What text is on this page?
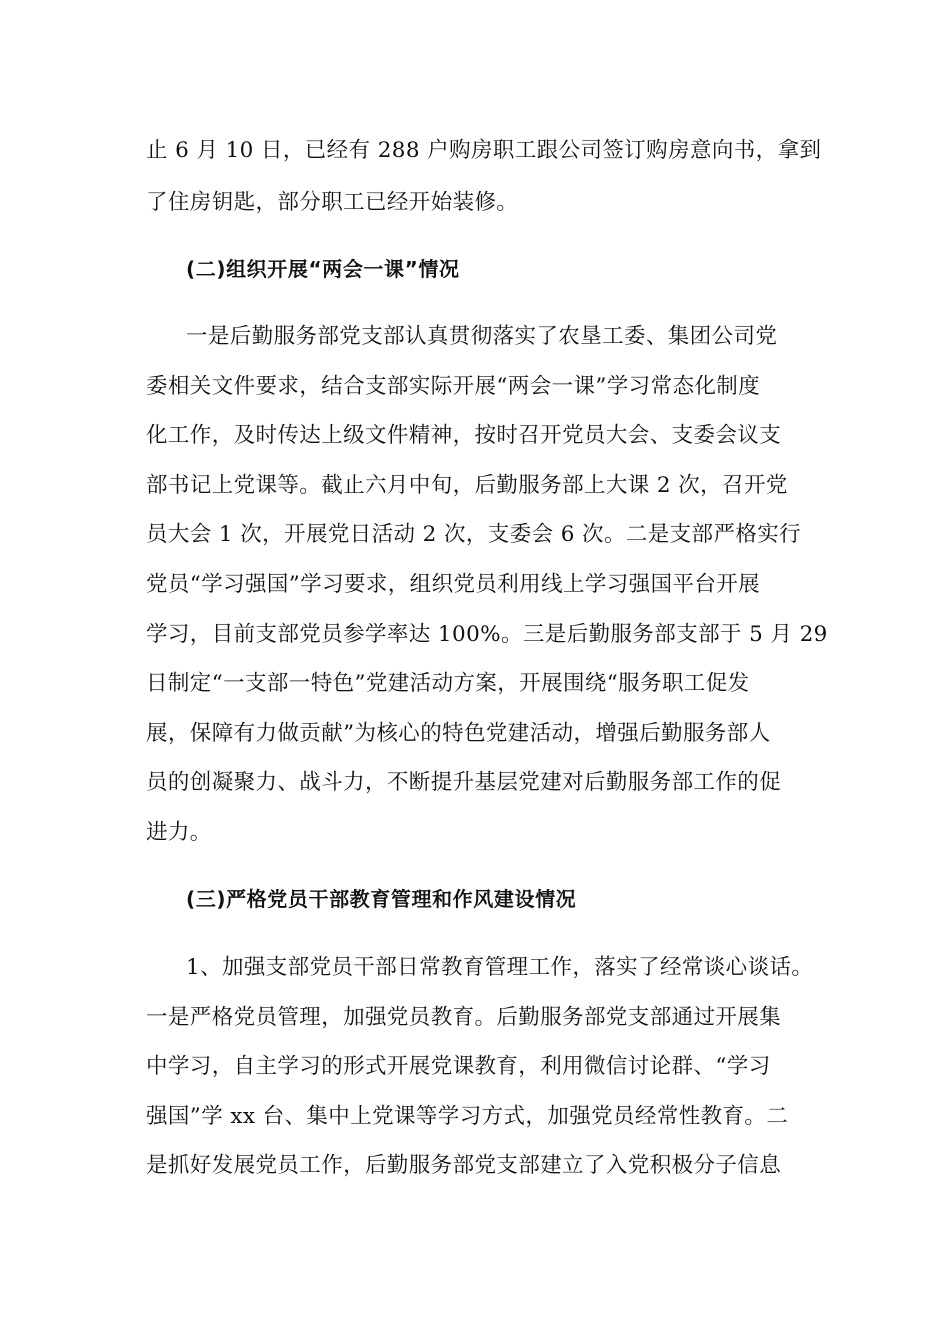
止 6 月 10 日，已经有 288 户购房职工跟公司签订购房意向书，拿到
了住房钥匙，部分职工已经开始装修。
(二)组织开展“两会一课”情况
一是后勤服务部党支部认真贯彻落实了农垦工委、集团公司党
委相关文件要求，结合支部实际开展“两会一课”学习常态化制度
化工作，及时传达上级文件精神，按时召开党员大会、支委会议支
部书记上党课等。截止六月中旬，后勤服务部上大课 2 次，召开党
员大会 1 次，开展党日活动 2 次，支委会 6 次。二是支部严格实行
党员“学习强国”学习要求，组织党员利用线上学习强国平台开展
学习，目前支部党员参学率达 100%。三是后勤服务部支部于 5 月 29
日制定“一支部一特色”党建活动方案，开展围绕“服务职工促发
展，保障有力做贡献”为核心的特色党建活动，增强后勤服务部人
员的创凝聚力、战斗力，不断提升基层党建对后勤服务部工作的促
进力。
(三)严格党员干部教育管理和作风建设情况
1、加强支部党员干部日常教育管理工作，落实了经常谈心谈话。
一是严格党员管理，加强党员教育。后勤服务部党支部通过开展集
中学习，自主学习的形式开展党课教育，利用微信讨论群、“学习
强国”学 xx 台、集中上党课等学习方式，加强党员经常性教育。二
是抓好发展党员工作，后勤服务部党支部建立了入党积极分子信息
